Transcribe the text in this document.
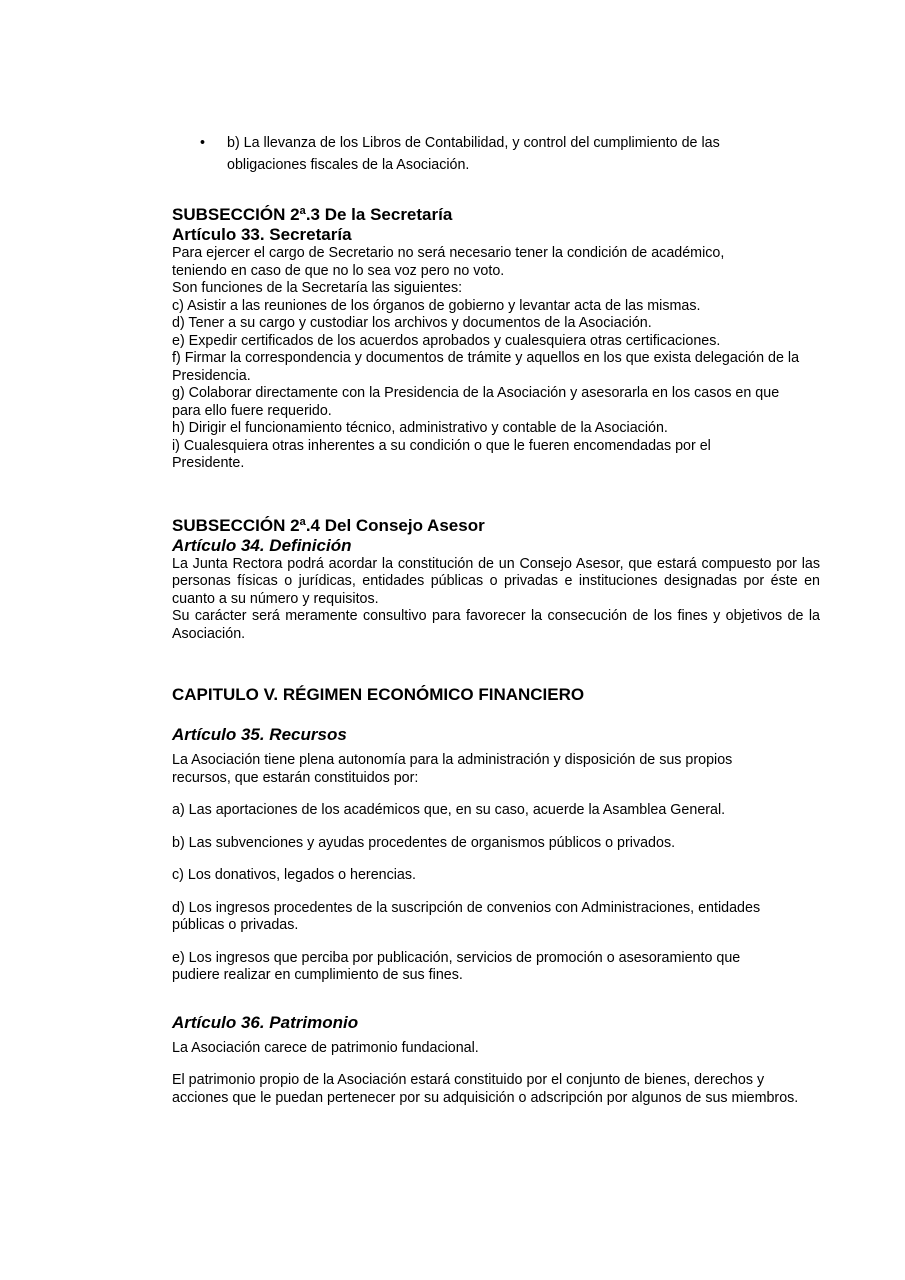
• b) La llevanza de los Libros de Contabilidad, y control del cumplimiento de las obligaciones fiscales de la Asociación.
SUBSECCIÓN 2ª.3 De la Secretaría
Artículo 33. Secretaría

Para ejercer el cargo de Secretario no será necesario tener la condición de académico, teniendo en caso de que no lo sea voz pero no voto.

Son funciones de la Secretaría las siguientes:

c) Asistir a las reuniones de los órganos de gobierno y levantar acta de las mismas.

d) Tener a su cargo y custodiar los archivos y documentos de la Asociación.

e) Expedir certificados de los acuerdos aprobados y cualesquiera otras certificaciones.

f) Firmar la correspondencia y documentos de trámite y aquellos en los que exista delegación de la Presidencia.

g) Colaborar directamente con la Presidencia de la Asociación y asesorarla en los casos en que para ello fuere requerido.

h) Dirigir el funcionamiento técnico, administrativo y contable de la Asociación.

i) Cualesquiera otras inherentes a su condición o que le fueren encomendadas por el Presidente.

SUBSECCIÓN 2ª.4 Del Consejo Asesor
Artículo 34. Definición

La Junta Rectora podrá acordar la constitución de un Consejo Asesor, que estará compuesto por las personas físicas o jurídicas, entidades públicas o privadas e instituciones designadas por éste en cuanto a su número y requisitos.

Su carácter será meramente consultivo para favorecer la consecución de los fines y objetivos de la Asociación.

CAPITULO V. RÉGIMEN ECONÓMICO FINANCIERO
Artículo 35. Recursos

La Asociación tiene plena autonomía para la administración y disposición de sus propios recursos, que estarán constituidos por:

a) Las aportaciones de los académicos que, en su caso, acuerde la Asamblea General.

b) Las subvenciones y ayudas procedentes de organismos públicos o privados.

c) Los donativos, legados o herencias.

d) Los ingresos procedentes de la suscripción de convenios con Administraciones, entidades públicas o privadas.

e) Los ingresos que perciba por publicación, servicios de promoción o asesoramiento que pudiere realizar en cumplimiento de sus fines.

Artículo 36. Patrimonio

La Asociación carece de patrimonio fundacional.

El patrimonio propio de la Asociación estará constituido por el conjunto de bienes, derechos y acciones que le puedan pertenecer por su adquisición o adscripción por algunos de sus miembros.
